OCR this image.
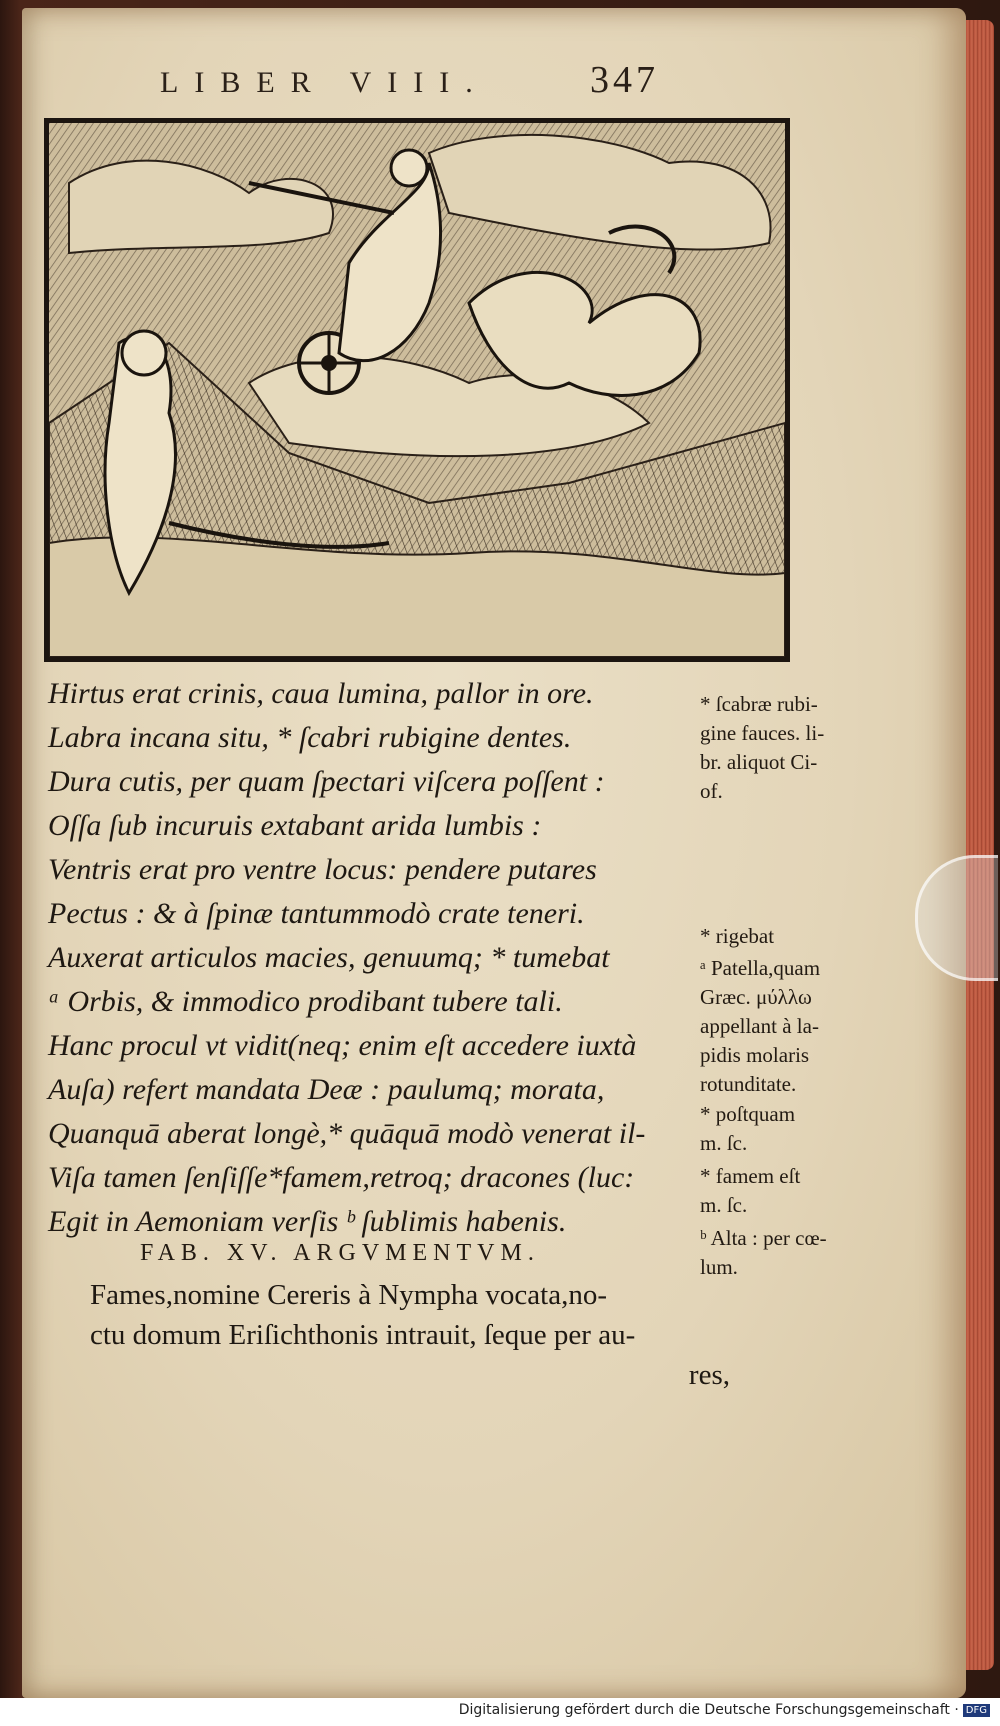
LIBER VIII.	347
Hirtus erat crinis, caua lumina, pallor in ore.
Labra incana situ, * ſcabri rubigine dentes.
Dura cutis, per quam ſpectari viſcera poſſent :
Oſſa ſub incuruis extabant arida lumbis :
Ventris erat pro ventre locus: pendere putares
Pectus : & à ſpinæ tantummodò crate teneri.
Auxerat articulos macies, genuumq; * tumebat
ᵃ Orbis, & immodico prodibant tubere tali.
Hanc procul vt vidit(neq; enim eſt accedere iuxtà
Auſa) refert mandata Deæ : paulumq; morata,
Quanquā aberat longè,* quāquā modò venerat il-
Viſa tamen ſenſiſſe*famem,retroq; dracones (luc:
Egit in Aemoniam verſis ᵇ ſublimis habenis.
* ſcabræ rubi-
gine fauces. li-
br. aliquot Ci-
of.
* rigebat
ᵃ Patella,quam
Græc. μύλλω
appellant à la-
pidis molaris
rotunditate.
* poſtquam
m. ſc.
* famem eſt
m. ſc.
ᵇ Alta : per cœ-
lum.
FAB. XV. ARGVMENTVM.
Fames,nomine Cereris à Nympha vocata,no-
ctu domum Eriſichthonis intrauit, ſeque per au-
res,
Digitalisierung gefördert durch die Deutsche Forschungsgemeinschaft · DFG
